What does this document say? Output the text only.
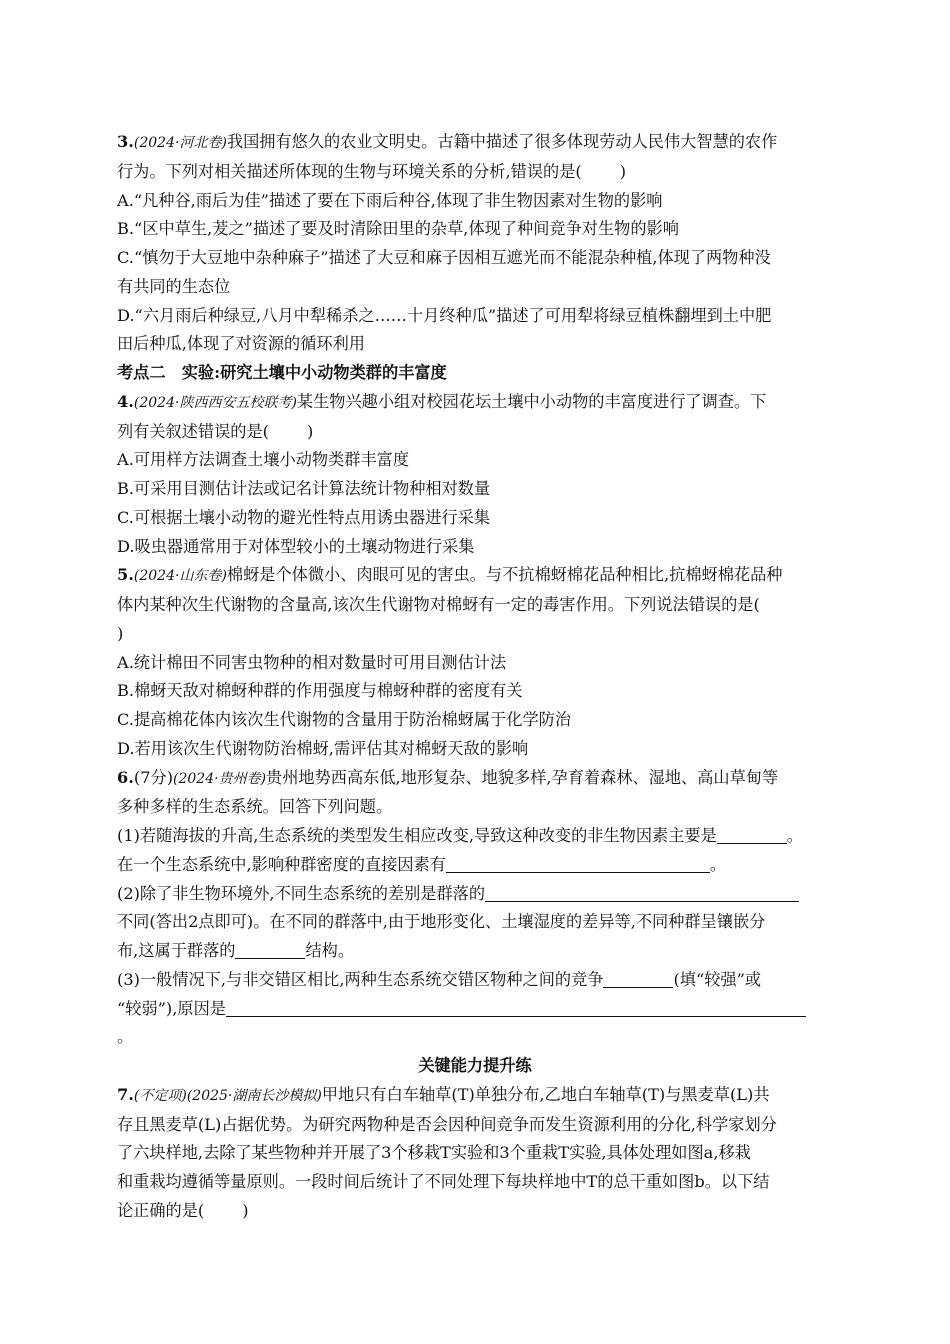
3.(2024·河北卷)我国拥有悠久的农业文明史。古籍中描述了很多体现劳动人民伟大智慧的农作
行为。下列对相关描述所体现的生物与环境关系的分析,错误的是( )
A.“凡种谷,雨后为佳”描述了要在下雨后种谷,体现了非生物因素对生物的影响
B.“区中草生,茇之”描述了要及时清除田里的杂草,体现了种间竞争对生物的影响
C.“慎勿于大豆地中杂种麻子”描述了大豆和麻子因相互遮光而不能混杂种植,体现了两物种没
有共同的生态位
D.“六月雨后种绿豆,八月中犁稀杀之……十月终种瓜”描述了可用犁将绿豆植株翻埋到土中肥
田后种瓜,体现了对资源的循环利用
考点二　实验:研究土壤中小动物类群的丰富度
4.(2024·陕西西安五校联考)某生物兴趣小组对校园花坛土壤中小动物的丰富度进行了调查。下
列有关叙述错误的是( )
A.可用样方法调查土壤小动物类群丰富度
B.可采用目测估计法或记名计算法统计物种相对数量
C.可根据土壤小动物的避光性特点用诱虫器进行采集
D.吸虫器通常用于对体型较小的土壤动物进行采集
5.(2024·山东卷)棉蚜是个体微小、肉眼可见的害虫。与不抗棉蚜棉花品种相比,抗棉蚜棉花品种
体内某种次生代谢物的含量高,该次生代谢物对棉蚜有一定的毒害作用。下列说法错误的是(
)
A.统计棉田不同害虫物种的相对数量时可用目测估计法
B.棉蚜天敌对棉蚜种群的作用强度与棉蚜种群的密度有关
C.提高棉花体内该次生代谢物的含量用于防治棉蚜属于化学防治
D.若用该次生代谢物防治棉蚜,需评估其对棉蚜天敌的影响
6.(7分)(2024·贵州卷)贵州地势西高东低,地形复杂、地貌多样,孕育着森林、湿地、高山草甸等
多种多样的生态系统。回答下列问题。
(1)若随海拔的升高,生态系统的类型发生相应改变,导致这种改变的非生物因素主要是	。
在一个生态系统中,影响种群密度的直接因素有	。
(2)除了非生物环境外,不同生态系统的差别是群落的
不同(答出2点即可)。在不同的群落中,由于地形变化、土壤湿度的差异等,不同种群呈镶嵌分
布,这属于群落的	结构。
(3)一般情况下,与非交错区相比,两种生态系统交错区物种之间的竞争	(填“较强”或
“较弱”),原因是
。
关键能力提升练
7.(不定项)(2025·湖南长沙模拟)甲地只有白车轴草(T)单独分布,乙地白车轴草(T)与黑麦草(L)共
存且黑麦草(L)占据优势。为研究两物种是否会因种间竞争而发生资源利用的分化,科学家划分
了六块样地,去除了某些物种并开展了3个移栽T实验和3个重栽T实验,具体处理如图a,移栽
和重栽均遵循等量原则。一段时间后统计了不同处理下每块样地中T的总干重如图b。以下结
论正确的是( )
